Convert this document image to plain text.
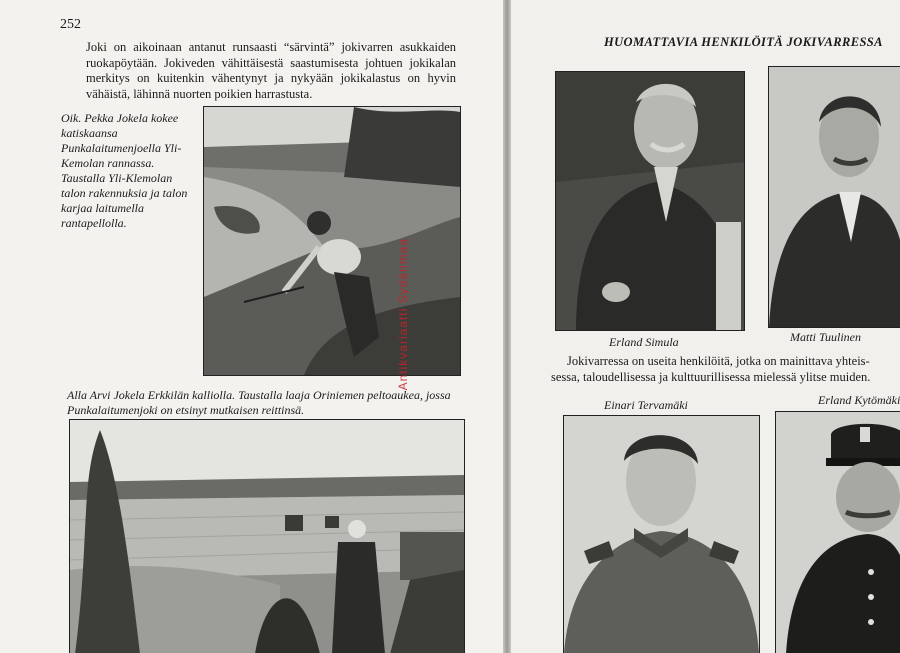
252

Joki on aikoinaan antanut runsaasti “särvintä” jokivarren asukkaiden ruokapöytään. Jokiveden vähittäisestä saastumisesta johtuen jokikalan merkitys on kuitenkin vähentynyt ja nykyään jokikalastus on hyvin vähäistä, lähinnä nuorten poikien harrastusta.

Oik. Pekka Jokela kokee katiskaansa Punkalaitumenjoella Yli-Kemolan rannassa. Taustalla Yli-Klemolan talon rakennuksia ja talon karjaa laitumella rantapellolla.

Antikvariaatti Sydänmaa

Alla Arvi Jokela Erkkilän kalliolla. Taustalla laaja Oriniemen peltoaukea, jossa Punkalaitumenjoki on etsinyt mutkaisen reittinsä.

HUOMATTAVIA HENKILÖITÄ JOKIVARRESSA
Erland Simula	Matti Tuulinen

Jokivarressa on useita henkilöitä, jotka on mainittava yhteis-
sessa, taloudellisessa ja kulttuurillisessa mielessä ylitse muiden.

Einari Tervamäki	Erland Kytömäki
